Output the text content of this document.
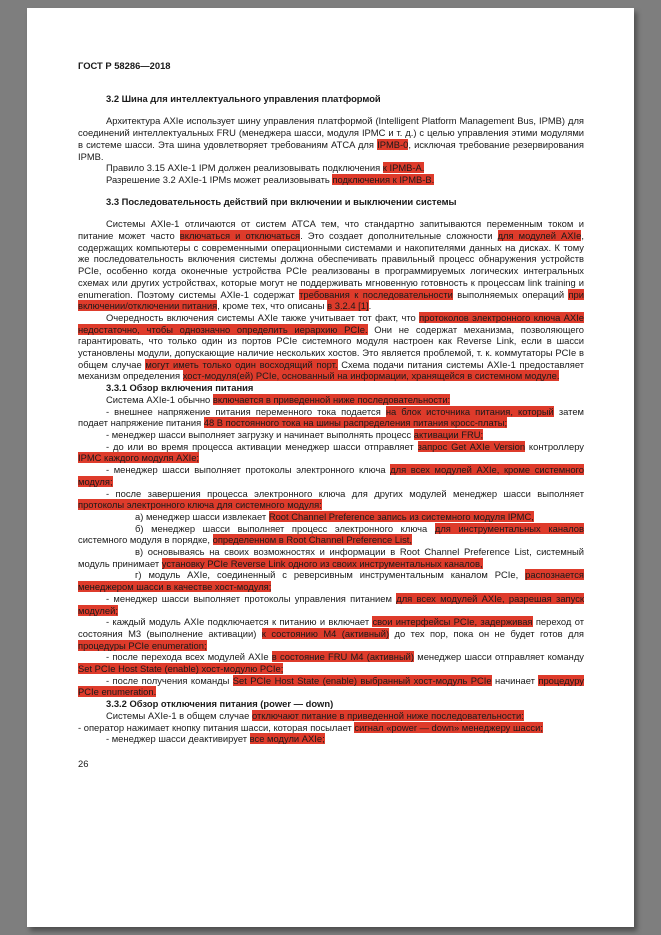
ГОСТ Р 58286—2018

3.2 Шина для интеллектуального управления платформой

Архитектура AXIe использует шину управления платформой (Intelligent Platform Management Bus, IPMB) для соединений интеллектуальных FRU (менеджера шасси, модуля IPMC и т. д.) с целью управления этими модулями в системе шасси. Эта шина удовлетворяет требованиям ATCA для IPMB-0, исключая требование резервирования IPMB.

Правило 3.15 AXIe-1 IPM должен реализовывать подключения к IPMB-A.

Разрешение 3.2 AXIe-1 IPMs может реализовывать подключения к IPMB-B.

3.3 Последовательность действий при включении и выключении системы

Системы AXIe-1 отличаются от систем ATCA тем, что стандартно запитываются переменным током и питание может часто включаться и отключаться. Это создает дополнительные сложности для модулей AXIe, содержащих компьютеры с современными операционными системами и накопителями данных на дисках. К тому же последовательность включения системы должна обеспечивать правильный процесс обнаружения устройств PCIe, особенно когда оконечные устройства PCIe реализованы в программируемых логических интегральных схемах или других устройствах, которые могут не поддерживать мгновенную готовность к процессам link training и enumeration. Поэтому системы AXIe-1 содержат требования к последовательности выполняемых операций при включении/отключении питания, кроме тех, что описаны в 3.2.4 [1].

Очередность включения системы AXIe также учитывает тот факт, что протоколов электронного ключа AXIe недостаточно, чтобы однозначно определить иерархию PCIe. Они не содержат механизма, позволяющего гарантировать, что только один из портов PCIe системного модуля настроен как Reverse Link, если в шасси установлены модули, допускающие наличие нескольких хостов. Это является проблемой, т. к. коммутаторы PCIe в общем случае могут иметь только один восходящий порт. Схема подачи питания системы AXIe-1 предоставляет механизм определения хост-модуля(ей) PCIe, основанный на информации, хранящейся в системном модуле.

3.3.1 Обзор включения питания

Система AXIe-1 обычно включается в приведенной ниже последовательности:

- внешнее напряжение питания переменного тока подается на блок источника питания, который затем подает напряжение питания 48 В постоянного тока на шины распределения питания кросс-платы;

- менеджер шасси выполняет загрузку и начинает выполнять процесс активации FRU;

- до или во время процесса активации менеджер шасси отправляет запрос Get AXIe Version контроллеру IPMC каждого модуля AXIe;

- менеджер шасси выполняет протоколы электронного ключа для всех модулей AXIe, кроме системного модуля;

- после завершения процесса электронного ключа для других модулей менеджер шасси выполняет протоколы электронного ключа для системного модуля:

а) менеджер шасси извлекает Root Channel Preference запись из системного модуля IPMC,

б) менеджер шасси выполняет процесс электронного ключа для инструментальных каналов системного модуля в порядке, определенном в Root Channel Preference List,

в) основываясь на своих возможностях и информации в Root Channel Preference List, системный модуль принимает установку PCIe Reverse Link одного из своих инструментальных каналов,

г) модуль AXIe, соединенный с реверсивным инструментальным каналом PCIe, распознается менеджером шасси в качестве хост-модуля;

- менеджер шасси выполняет протоколы управления питанием для всех модулей AXIe, разрешая запуск модулей;

- каждый модуль AXIe подключается к питанию и включает свои интерфейсы PCIe, задерживая переход от состояния M3 (выполнение активации) к состоянию M4 (активный) до тех пор, пока он не будет готов для процедуры PCIe enumeration;

- после перехода всех модулей AXIe в состояние FRU M4 (активный) менеджер шасси отправляет команду Set PCIe Host State (enable) хост-модулю PCIe;

- после получения команды Set PCIe Host State (enable) выбранный хост-модуль PCIe начинает процедуру PCIe enumeration.

3.3.2 Обзор отключения питания (power — down)

Системы AXIe-1 в общем случае отключают питание в приведенной ниже последовательности:

- оператор нажимает кнопку питания шасси, которая посылает сигнал «power — down» менеджеру шасси;

- менеджер шасси деактивирует все модули AXIe;

26
